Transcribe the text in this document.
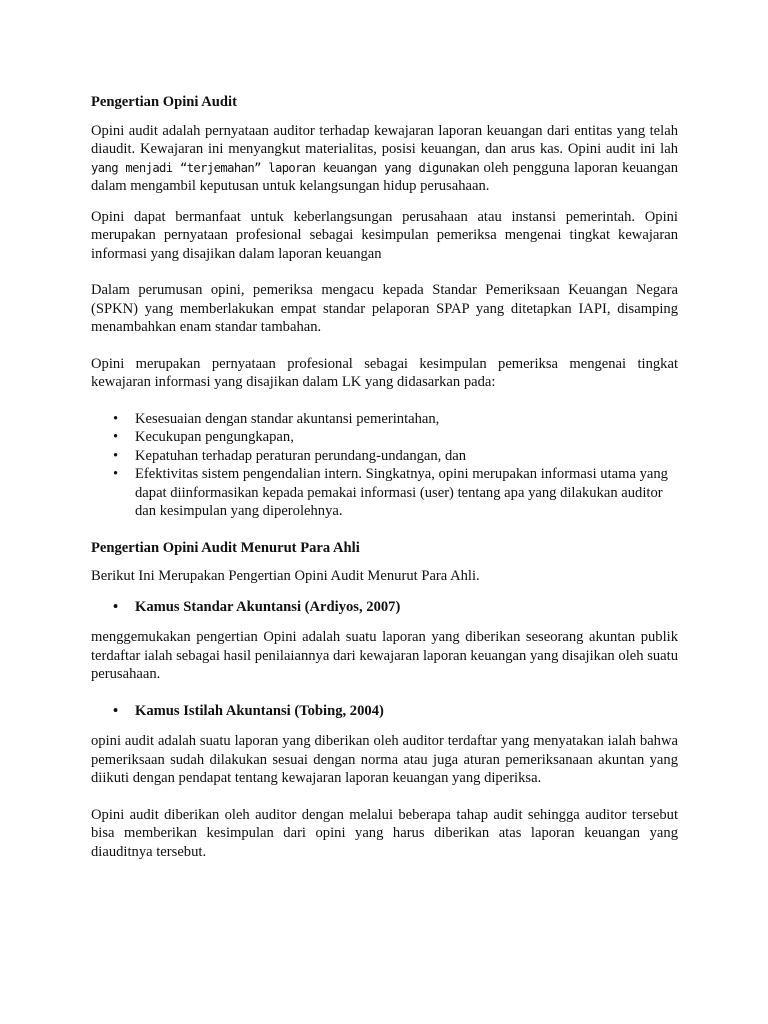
Pengertian Opini Audit

Opini audit adalah pernyataan auditor terhadap kewajaran laporan keuangan dari entitas yang telah diaudit. Kewajaran ini menyangkut materialitas, posisi keuangan, dan arus kas. Opini audit ini lah yang menjadi “terjemahan” laporan keuangan yang digunakan oleh pengguna laporan keuangan dalam mengambil keputusan untuk kelangsungan hidup perusahaan.

Opini dapat bermanfaat untuk keberlangsungan perusahaan atau instansi pemerintah. Opini merupakan pernyataan profesional sebagai kesimpulan pemeriksa mengenai tingkat kewajaran informasi yang disajikan dalam laporan keuangan

Dalam perumusan opini, pemeriksa mengacu kepada Standar Pemeriksaan Keuangan Negara (SPKN) yang memberlakukan empat standar pelaporan SPAP yang ditetapkan IAPI, disamping menambahkan enam standar tambahan.

Opini merupakan pernyataan profesional sebagai kesimpulan pemeriksa mengenai tingkat kewajaran informasi yang disajikan dalam LK yang didasarkan pada:

• Kesesuaian dengan standar akuntansi pemerintahan,
• Kecukupan pengungkapan,
• Kepatuhan terhadap peraturan perundang-undangan, dan
• Efektivitas sistem pengendalian intern. Singkatnya, opini merupakan informasi utama yang dapat diinformasikan kepada pemakai informasi (user) tentang apa yang dilakukan auditor dan kesimpulan yang diperolehnya.
Pengertian Opini Audit Menurut Para Ahli

Berikut Ini Merupakan Pengertian Opini Audit Menurut Para Ahli.

• Kamus Standar Akuntansi (Ardiyos, 2007)

menggemukakan pengertian Opini adalah suatu laporan yang diberikan seseorang akuntan publik terdaftar ialah sebagai hasil penilaiannya dari kewajaran laporan keuangan yang disajikan oleh suatu perusahaan.

• Kamus Istilah Akuntansi (Tobing, 2004)

opini audit adalah suatu laporan yang diberikan oleh auditor terdaftar yang menyatakan ialah bahwa pemeriksaan sudah dilakukan sesuai dengan norma atau juga aturan pemeriksanaan akuntan yang diikuti dengan pendapat tentang kewajaran laporan keuangan yang diperiksa.

Opini audit diberikan oleh auditor dengan melalui beberapa tahap audit sehingga auditor tersebut bisa memberikan kesimpulan dari opini yang harus diberikan atas laporan keuangan yang diauditnya tersebut.
